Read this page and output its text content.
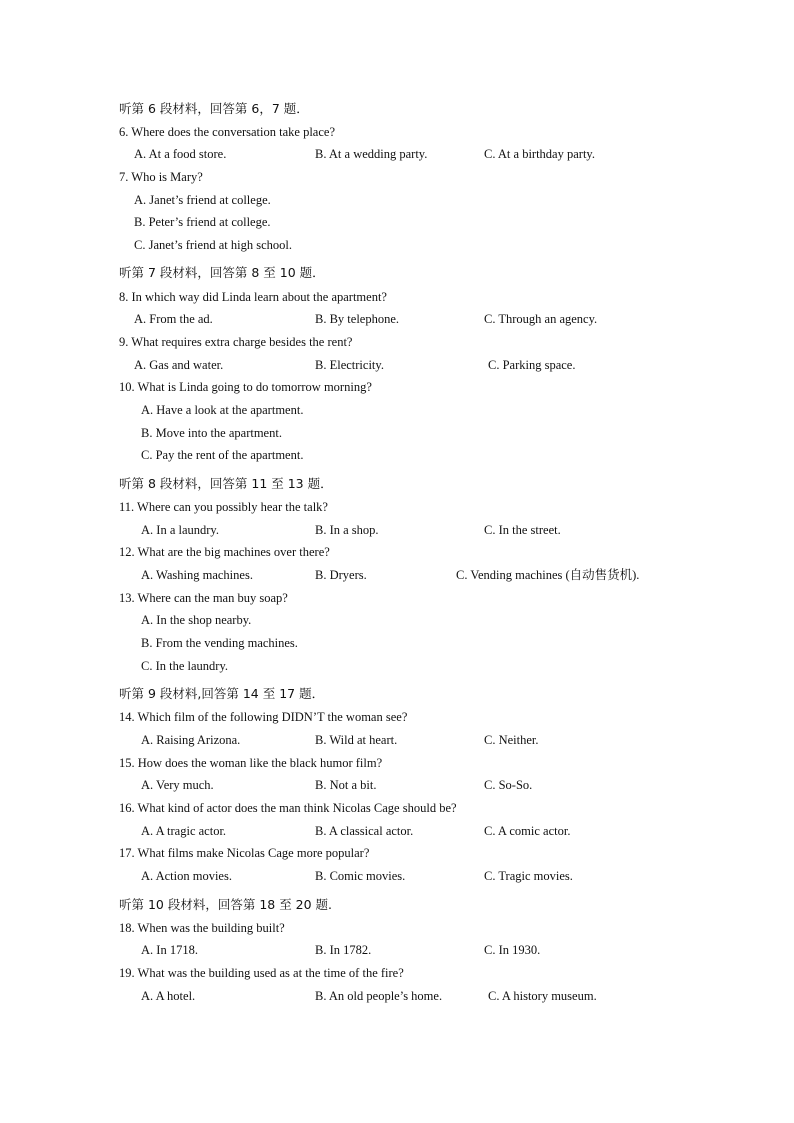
听第 6 段材料，回答第 6，7 题．
6. Where does the conversation take place?
A. At a food store.	B. At a wedding party.	C. At a birthday party.
7. Who is Mary?
A. Janet’s friend at college.
B. Peter’s friend at college.
C. Janet’s friend at high school.
听第 7 段材料，回答第 8 至 10 题．
8. In which way did Linda learn about the apartment?
A. From the ad.	B. By telephone.	C. Through an agency.
9. What requires extra charge besides the rent?
A. Gas and water.	B. Electricity.	C. Parking space.
10. What is Linda going to do tomorrow morning?
A. Have a look at the apartment.
B. Move into the apartment.
C. Pay the rent of the apartment.
听第 8 段材料，回答第 11 至 13 题．
11. Where can you possibly hear the talk?
A. In a laundry.	B. In a shop.	C. In the street.
12. What are the big machines over there?
A. Washing machines.	B. Dryers.	C. Vending machines (自动售货机).
13. Where can the man buy soap?
A. In the shop nearby.
B. From the vending machines.
C. In the laundry.
听第 9 段材料,回答第 14 至 17 题．
14. Which film of the following DIDN’T the woman see?
A. Raising Arizona.	B. Wild at heart.	C. Neither.
15. How does the woman like the black humor film?
A. Very much.	B. Not a bit.	C. So-So.
16. What kind of actor does the man think Nicolas Cage should be?
A. A tragic actor.	B. A classical actor.	C. A comic actor.
17. What films make Nicolas Cage more popular?
A. Action movies.	B. Comic movies.	C. Tragic movies.
听第 10 段材料，回答第 18 至 20 题.
18. When was the building built?
A. In 1718.	B. In 1782.	C. In 1930.
19. What was the building used as at the time of the fire?
A. A hotel.	B. An old people’s home.	C. A history museum.
